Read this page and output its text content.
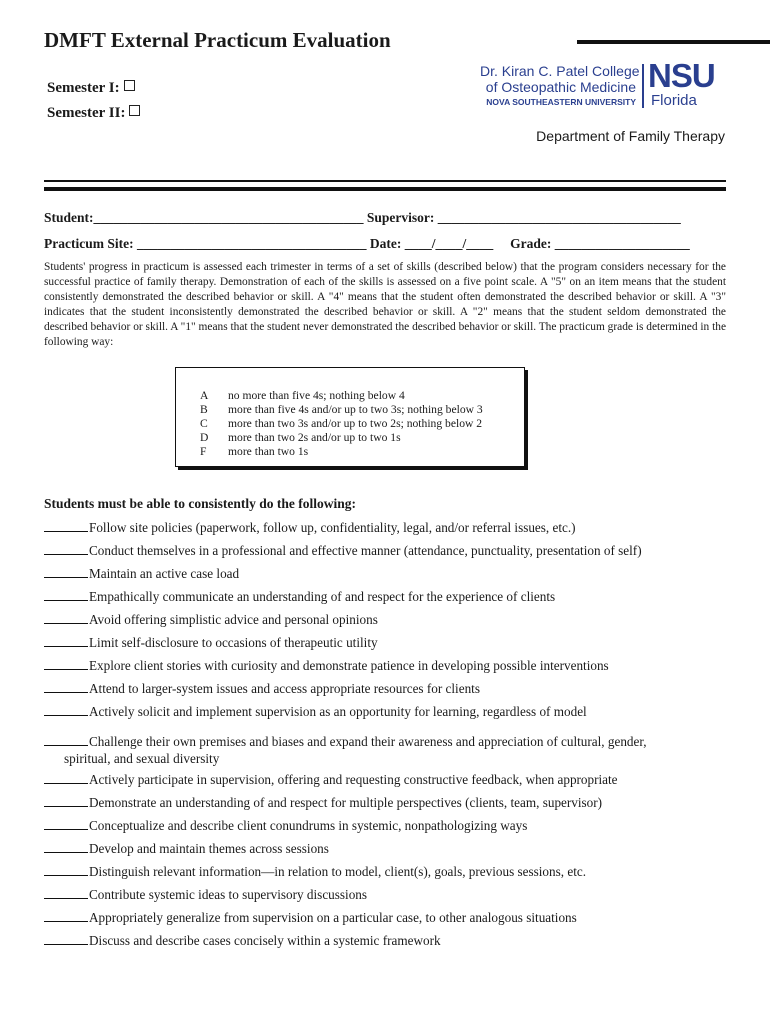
DMFT External Practicum Evaluation
Semester I:
Semester II:
Dr. Kiran C. Patel College
of Osteopathic Medicine
NOVA SOUTHEASTERN UNIVERSITY
NSU
Florida
Department of Family Therapy
Student:________________________________________ Supervisor: ____________________________________
Practicum Site: __________________________________ Date: ____/____/____ Grade: ____________________
Students' progress in practicum is assessed each trimester in terms of a set of skills (described below) that the program considers necessary for the successful practice of family therapy. Demonstration of each of the skills is assessed on a five point scale. A "5" on an item means that the student consistently demonstrated the described behavior or skill. A "4" means that the student often demonstrated the described behavior or skill. A "3" indicates that the student inconsistently demonstrated the described behavior or skill. A "2" means that the student seldom demonstrated the described behavior or skill. A "1" means that the student never demonstrated the described behavior or skill. The practicum grade is determined in the following way:
A no more than five 4s; nothing below 4
B more than five 4s and/or up to two 3s; nothing below 3
C more than two 3s and/or up to two 2s; nothing below 2
D more than two 2s and/or up to two 1s
F more than two 1s
Students must be able to consistently do the following:
Follow site policies (paperwork, follow up, confidentiality, legal, and/or referral issues, etc.)
Conduct themselves in a professional and effective manner (attendance, punctuality, presentation of self)
Maintain an active case load
Empathically communicate an understanding of and respect for the experience of clients
Avoid offering simplistic advice and personal opinions
Limit self-disclosure to occasions of therapeutic utility
Explore client stories with curiosity and demonstrate patience in developing possible interventions
Attend to larger-system issues and access appropriate resources for clients
Actively solicit and implement supervision as an opportunity for learning, regardless of model
Challenge their own premises and biases and expand their awareness and appreciation of cultural, gender,
spiritual, and sexual diversity
Actively participate in supervision, offering and requesting constructive feedback, when appropriate
Demonstrate an understanding of and respect for multiple perspectives (clients, team, supervisor)
Conceptualize and describe client conundrums in systemic, nonpathologizing ways
Develop and maintain themes across sessions
Distinguish relevant information—in relation to model, client(s), goals, previous sessions, etc.
Contribute systemic ideas to supervisory discussions
Appropriately generalize from supervision on a particular case, to other analogous situations
Discuss and describe cases concisely within a systemic framework
